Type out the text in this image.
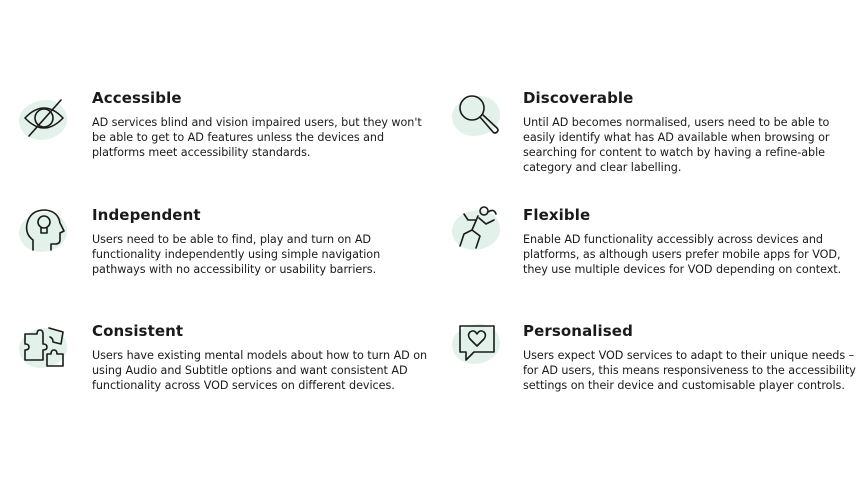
Accessible
AD services blind and vision impaired users, but they won't
be able to get to AD features unless the devices and
platforms meet accessibility standards.
Discoverable
Until AD becomes normalised, users need to be able to
easily identify what has AD available when browsing or
searching for content to watch by having a refine-able
category and clear labelling.
Independent
Users need to be able to find, play and turn on AD
functionality independently using simple navigation
pathways with no accessibility or usability barriers.
Flexible
Enable AD functionality accessibly across devices and
platforms, as although users prefer mobile apps for VOD,
they use multiple devices for VOD depending on context.
Consistent
Users have existing mental models about how to turn AD on
using Audio and Subtitle options and want consistent AD
functionality across VOD services on different devices.
Personalised
Users expect VOD services to adapt to their unique needs –
for AD users, this means responsiveness to the accessibility
settings on their device and customisable player controls.
